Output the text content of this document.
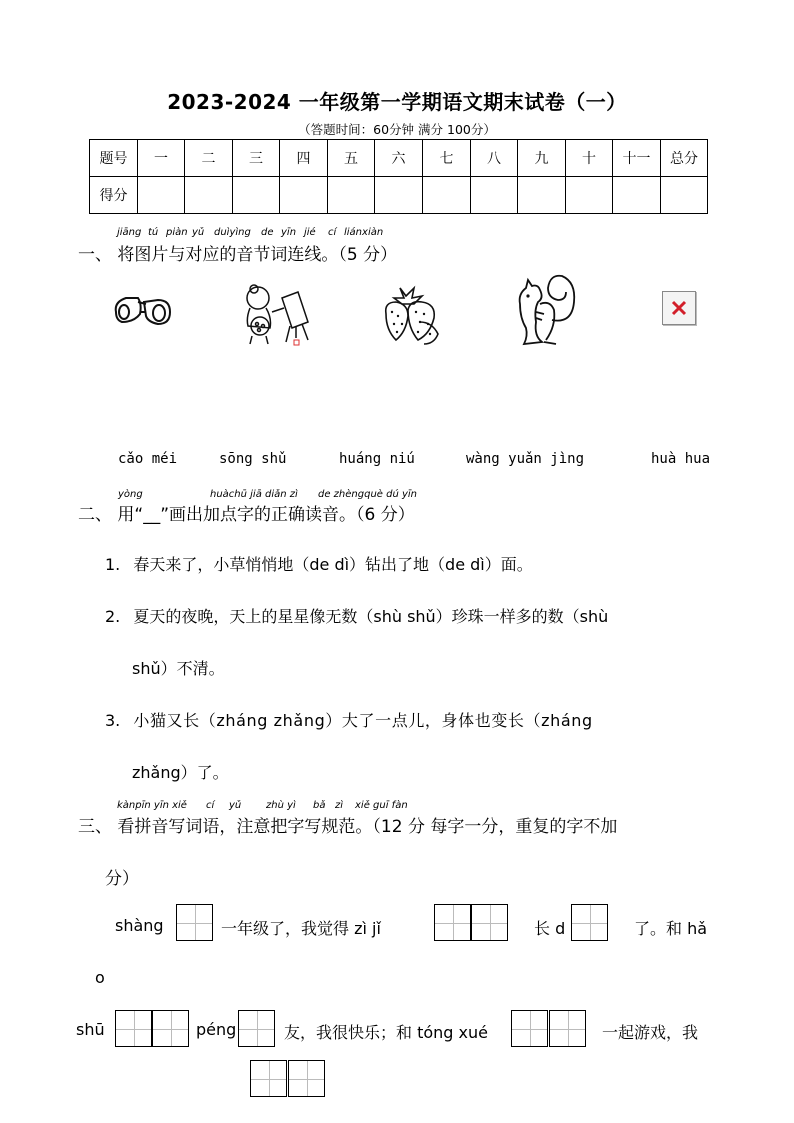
2023-2024 一年级第一学期语文期末试卷（一）
（答题时间：60分钟 满分 100分）
题号	一	二	三	四	五	六	七	八	九	十	十一	总分
得分												
jiāng tú piàn yǔ duìyìng de yīn jié cí liánxiàn
一、 将图片与对应的音节词连线。（5 分）
cǎo méi	sōng shǔ	huáng niú	wàng yuǎn jìng	huà hua
yòng	huàchū jiā diǎn zì de zhèngquè dú yīn
二、 用“__”画出加点字的正确读音。（6 分）
1. 春天来了，小草悄悄地（de dì）钻出了地（de dì）面。
2. 夏天的夜晚，天上的星星像无数（shù shǔ）珍珠一样多的数（shù
shǔ）不清。
3. 小猫又长（zháng zhǎng）大了一点儿，身体也变长（zháng
zhǎng）了。
kànpīn yīn xiě cí yǔ zhù yì bǎ zì xiě guī fàn
三、 看拼音写词语，注意把字写规范。（12 分 每字一分，重复的字不加
分）
shàng	一年级了，我觉得 zì jǐ	长 d	了。和 hǎ
o
shū	péng	友，我很快乐；和 tóng xué	一起游戏，我
